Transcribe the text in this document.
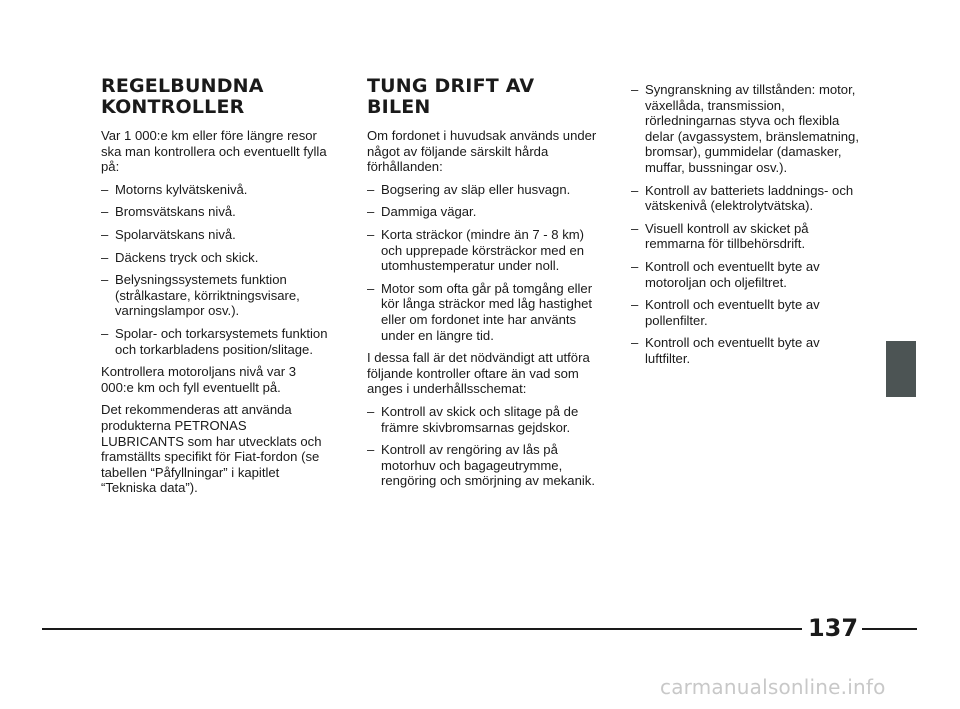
REGELBUNDNA
KONTROLLER

Var 1 000:e km eller före längre resor ska man kontrollera och eventuellt fylla på:

– Motorns kylvätskenivå.
– Bromsvätskans nivå.
– Spolarvätskans nivå.
– Däckens tryck och skick.
– Belysningssystemets funktion (strålkastare, körriktningsvisare, varningslampor osv.).
– Spolar- och torkarsystemets funktion och torkarbladens position/slitage.

Kontrollera motoroljans nivå var 3 000:e km och fyll eventuellt på.

Det rekommenderas att använda produkterna PETRONAS LUBRICANTS som har utvecklats och framställts specifikt för Fiat-fordon (se tabellen “Påfyllningar” i kapitlet “Tekniska data”).

TUNG DRIFT AV BILEN

Om fordonet i huvudsak används under något av följande särskilt hårda förhållanden:

– Bogsering av släp eller husvagn.
– Dammiga vägar.
– Korta sträckor (mindre än 7 - 8 km) och upprepade körsträckor med en utomhustemperatur under noll.
– Motor som ofta går på tomgång eller kör långa sträckor med låg hastighet eller om fordonet inte har använts under en längre tid.

I dessa fall är det nödvändigt att utföra följande kontroller oftare än vad som anges i underhållsschemat:

– Kontroll av skick och slitage på de främre skivbromsarnas gejdskor.
– Kontroll av rengöring av lås på motorhuv och bagageutrymme, rengöring och smörjning av mekanik.
– Syngranskning av tillstånden: motor, växellåda, transmission, rörledningarnas styva och flexibla delar (avgassystem, bränslematning, bromsar), gummidelar (damasker, muffar, bussningar osv.).
– Kontroll av batteriets laddnings- och vätskenivå (elektrolytvätska).
– Visuell kontroll av skicket på remmarna för tillbehörsdrift.
– Kontroll och eventuellt byte av motoroljan och oljefiltret.
– Kontroll och eventuellt byte av pollenfilter.
– Kontroll och eventuellt byte av luftfilter.
137
carmanualsonline.info
